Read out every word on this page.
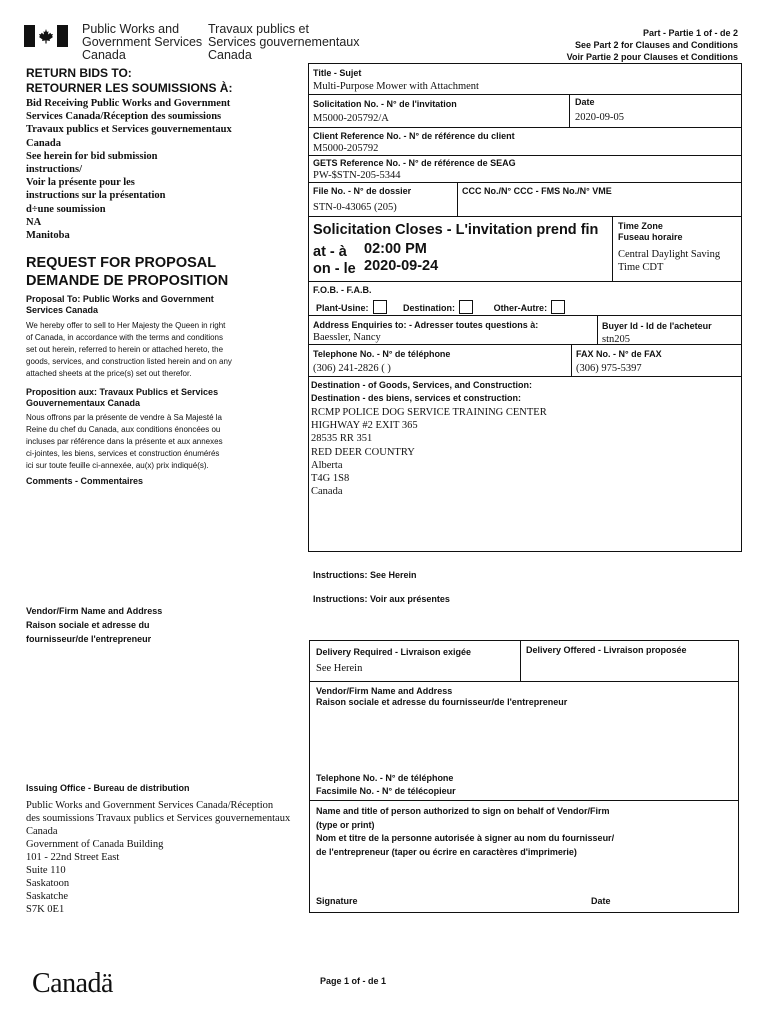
Public Works and
Government Services
Canada
Travaux publics et
Services gouvernementaux
Canada
Part - Partie 1 of - de 2
See Part 2 for Clauses and Conditions
Voir Partie 2 pour Clauses et Conditions
RETURN BIDS TO:
RETOURNER LES SOUMISSIONS À:
Bid Receiving Public Works and Government
Services Canada/Réception des soumissions
Travaux publics et Services gouvernementaux
Canada
See herein for bid submission
instructions/
Voir la présente pour les
instructions sur la présentation
d÷une soumission
NA
Manitoba
REQUEST FOR PROPOSAL
DEMANDE DE PROPOSITION
Proposal To: Public Works and Government
Services Canada
We hereby offer to sell to Her Majesty the Queen in right
of Canada, in accordance with the terms and conditions
set out herein, referred to herein or attached hereto, the
goods, services, and construction listed herein and on any
attached sheets at the price(s) set out therefor.
Proposition aux: Travaux Publics et Services
Gouvernementaux Canada
Nous offrons par la présente de vendre à Sa Majesté la
Reine du chef du Canada, aux conditions énoncées ou
incluses par référence dans la présente et aux annexes
ci-jointes, les biens, services et construction énumérés
ici sur toute feuille ci-annexée, au(x) prix indiqué(s).
Comments - Commentaires
Vendor/Firm Name and Address
Raison sociale et adresse du
fournisseur/de l'entrepreneur
Issuing Office - Bureau de distribution
Public Works and Government Services Canada/Réception
des soumissions Travaux publics et Services gouvernementaux
Canada
Government of Canada Building
101 - 22nd Street East
Suite 110
Saskatoon
Saskatche
S7K 0E1
Title - Sujet
Multi-Purpose Mower with Attachment
Solicitation No. - N° de l'invitation
M5000-205792/A
Date
2020-09-05
Client Reference No. - N° de référence du client
M5000-205792
GETS Reference No. - N° de référence de SEAG
PW-$STN-205-5344
File No. - N° de dossier
STN-0-43065 (205)
CCC No./N° CCC - FMS No./N° VME
Solicitation Closes - L'invitation prend fin
at - à 02:00 PM
on - le 2020-09-24
Time Zone
Fuseau horaire
Central Daylight Saving
Time CDT
F.O.B. - F.A.B.
Plant-Usine:	Destination:	Other-Autre:
Address Enquiries to: - Adresser toutes questions à:
Baessler, Nancy
Buyer Id - Id de l'acheteur
stn205
Telephone No. - N° de téléphone
(306) 241-2826 ( )
FAX No. - N° de FAX
(306) 975-5397
Destination - of Goods, Services, and Construction:
Destination - des biens, services et construction:
RCMP POLICE DOG SERVICE TRAINING CENTER
HIGHWAY #2 EXIT 365
28535 RR 351
RED DEER COUNTRY
Alberta
T4G 1S8
Canada
Instructions: See Herein
Instructions: Voir aux présentes
Delivery Required - Livraison exigée
See Herein
Delivery Offered - Livraison proposée
Vendor/Firm Name and Address
Raison sociale et adresse du fournisseur/de l'entrepreneur
Telephone No. - N° de téléphone
Facsimile No. - N° de télécopieur
Name and title of person authorized to sign on behalf of Vendor/Firm
(type or print)
Nom et titre de la personne autorisée à signer au nom du fournisseur/
de l'entrepreneur (taper ou écrire en caractères d'imprimerie)
Signature	Date
Canadä	Page 1 of - de 1
